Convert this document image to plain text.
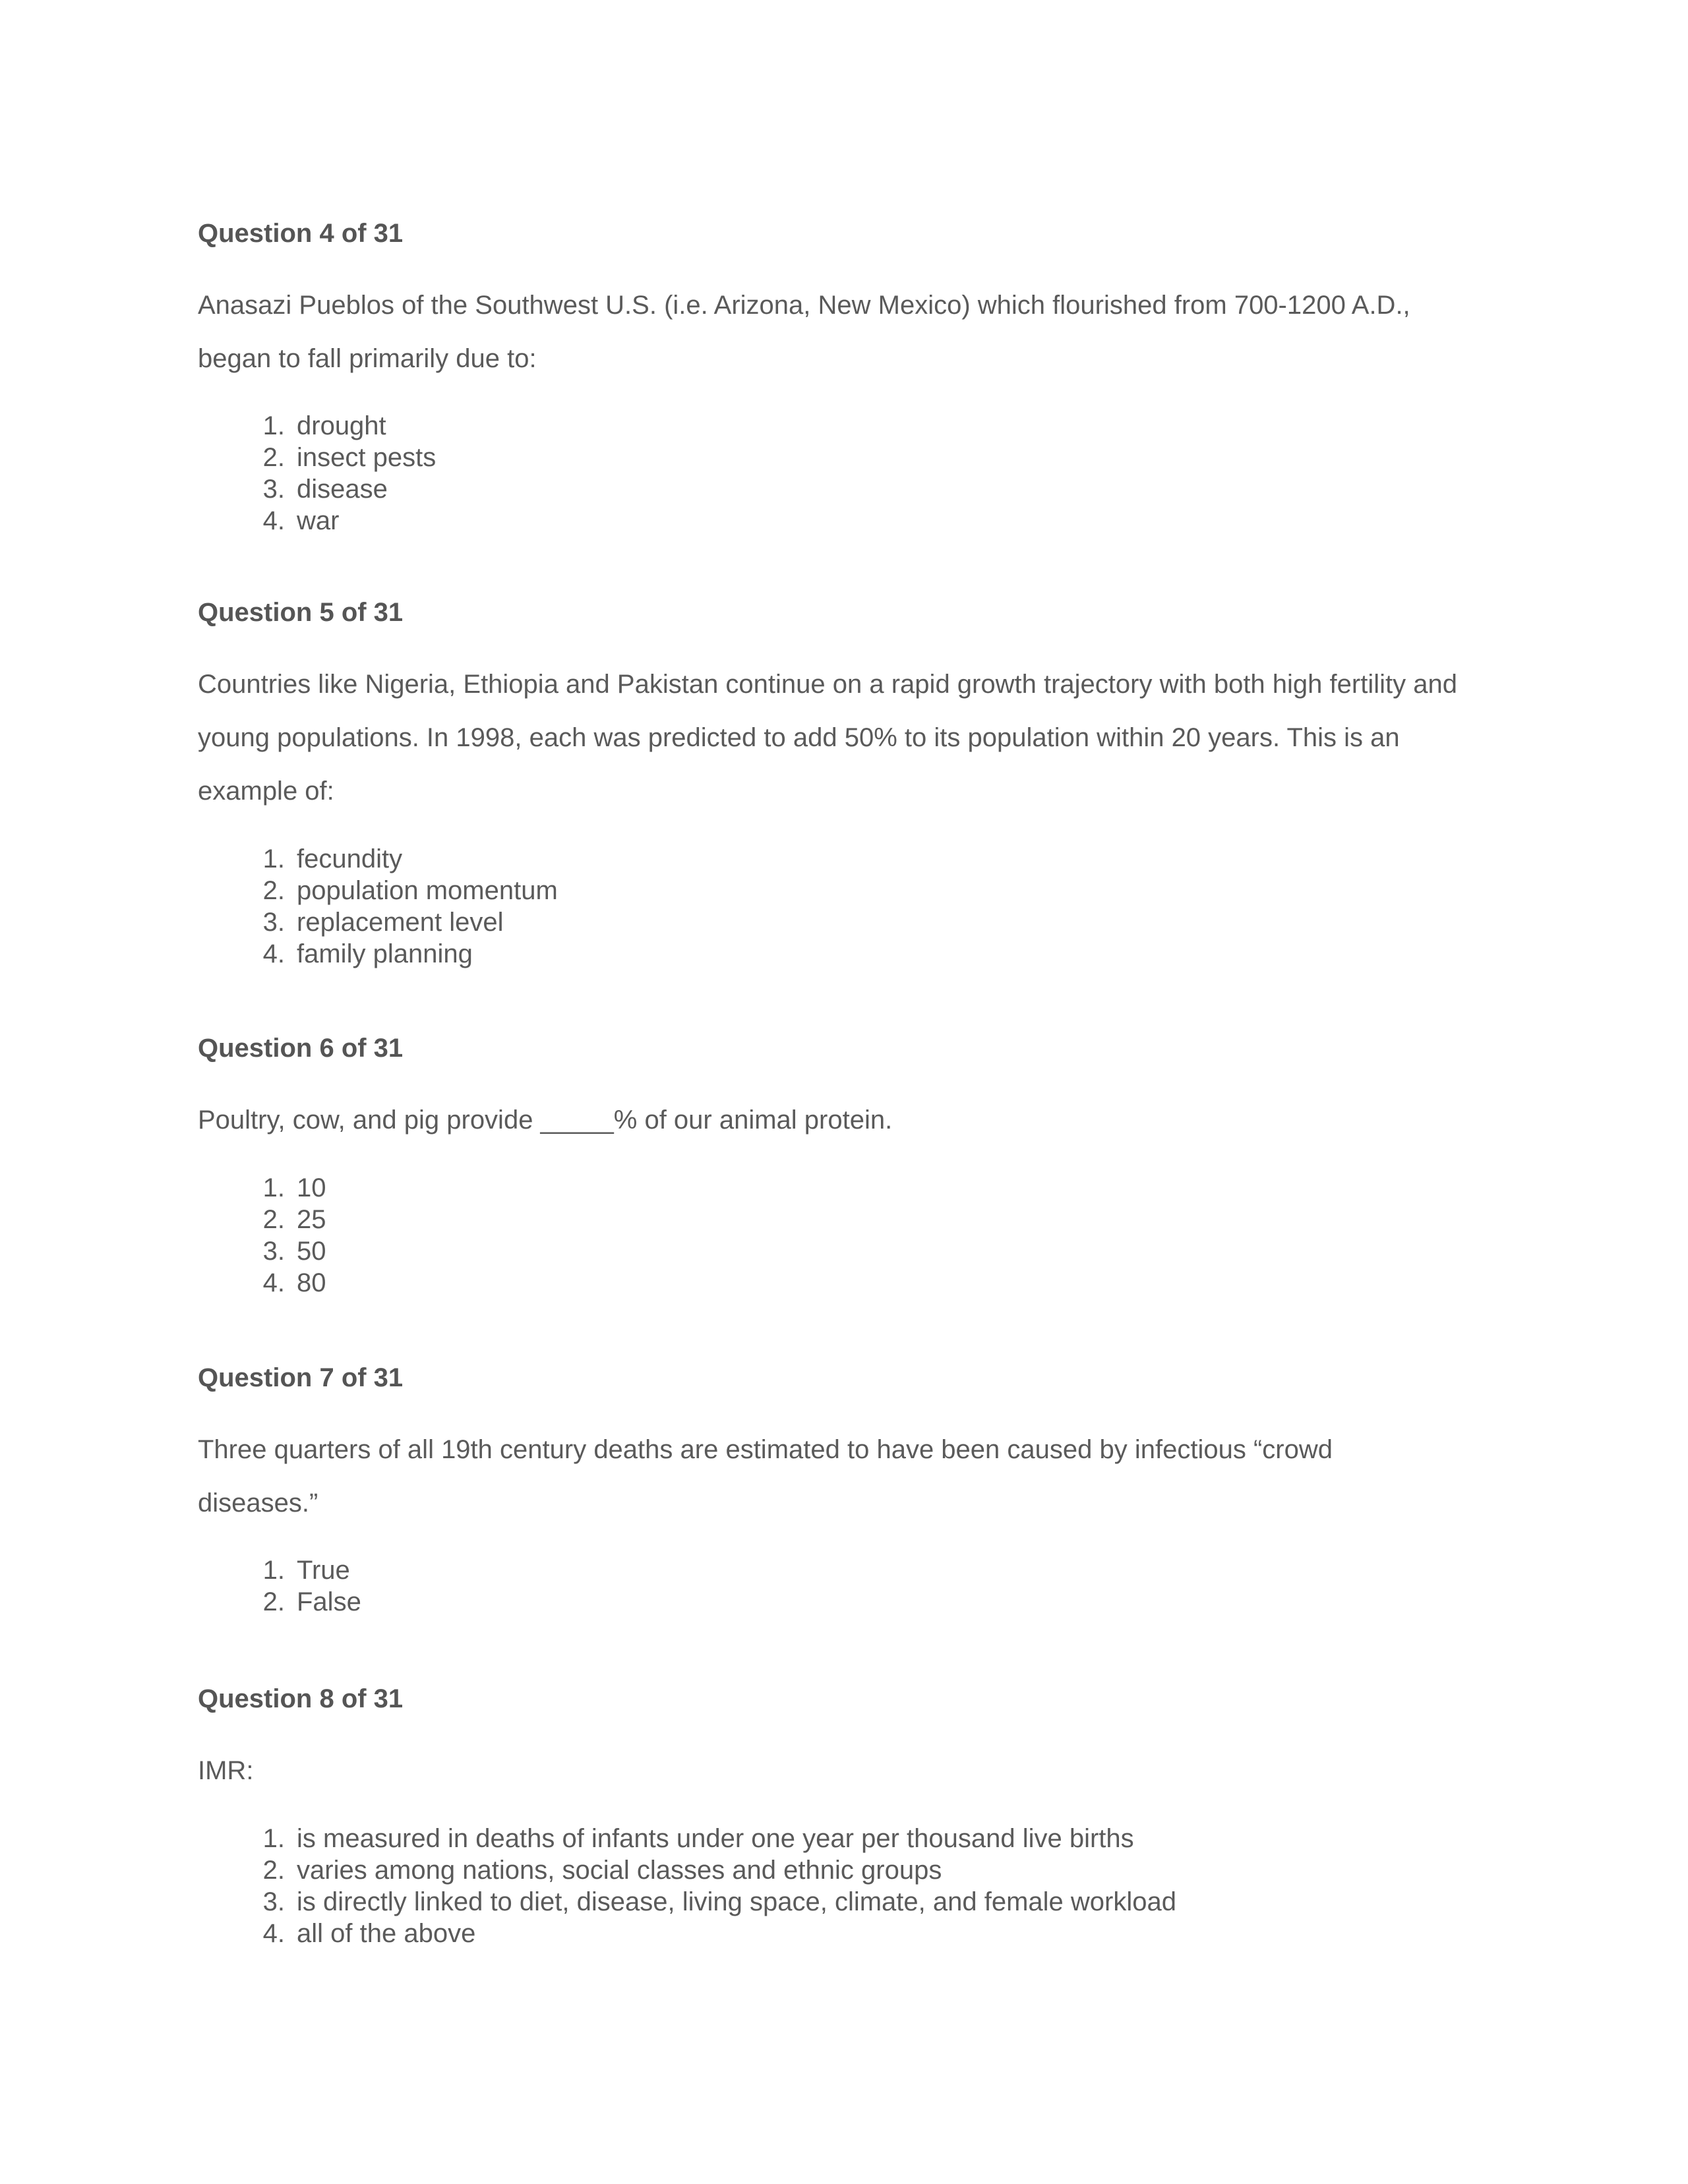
Question 4 of 31

Anasazi Pueblos of the Southwest U.S. (i.e. Arizona, New Mexico) which flourished from 700-1200 A.D., began to fall primarily due to:

1. drought
2. insect pests
3. disease
4. war
Question 5 of 31

Countries like Nigeria, Ethiopia and Pakistan continue on a rapid growth trajectory with both high fertility and young populations. In 1998, each was predicted to add 50% to its population within 20 years. This is an example of:

1. fecundity
2. population momentum
3. replacement level
4. family planning
Question 6 of 31

Poultry, cow, and pig provide _____% of our animal protein.

1. 10
2. 25
3. 50
4. 80
Question 7 of 31

Three quarters of all 19th century deaths are estimated to have been caused by infectious “crowd diseases.”

1. True
2. False
Question 8 of 31

IMR:

1. is measured in deaths of infants under one year per thousand live births
2. varies among nations, social classes and ethnic groups
3. is directly linked to diet, disease, living space, climate, and female workload
4. all of the above
